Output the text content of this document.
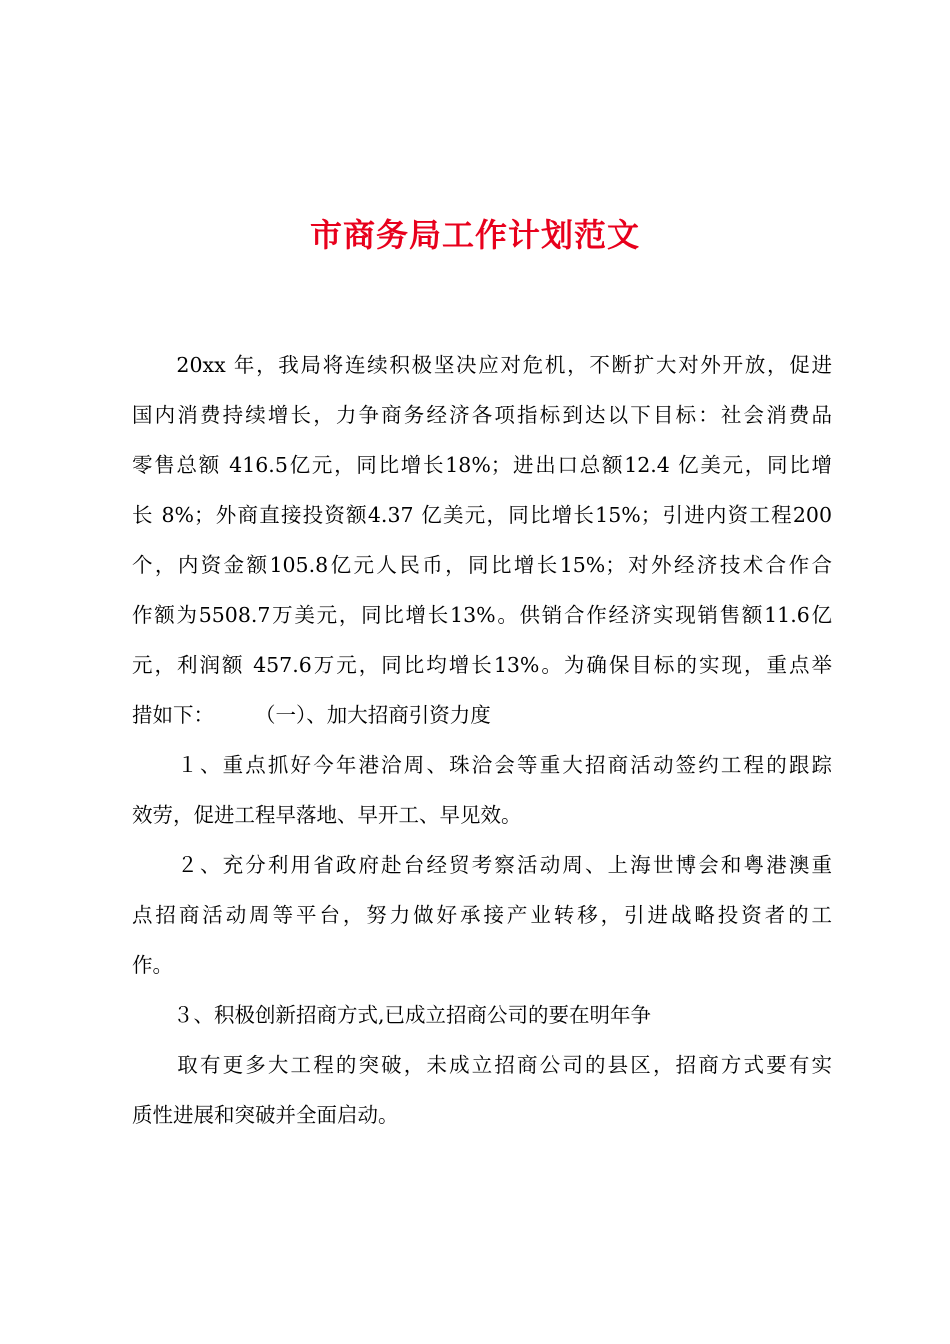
市商务局工作计划范文
　　20xx 年，我局将连续积极坚决应对危机，不断扩大对外开放，促进
国内消费持续增长，力争商务经济各项指标到达以下目标：社会消费品
零售总额 416.5亿元，同比增长18%；进出口总额12.4 亿美元，同比增
长 8%；外商直接投资额4.37 亿美元，同比增长15%；引进内资工程200
个，内资金额105.8亿元人民币，同比增长15%；对外经济技术合作合
作额为5508.7万美元，同比增长13%。供销合作经济实现销售额11.6亿
元，利润额 457.6万元，同比均增长13%。为确保目标的实现，重点举
措如下：　　　（一）、加大招商引资力度
　　１、重点抓好今年港洽周、珠洽会等重大招商活动签约工程的跟踪
效劳，促进工程早落地、早开工、早见效。
　　２、充分利用省政府赴台经贸考察活动周、上海世博会和粤港澳重
点招商活动周等平台，努力做好承接产业转移，引进战略投资者的工
作。
　　３、积极创新招商方式,已成立招商公司的要在明年争
　　取有更多大工程的突破，未成立招商公司的县区，招商方式要有实
质性进展和突破并全面启动。
